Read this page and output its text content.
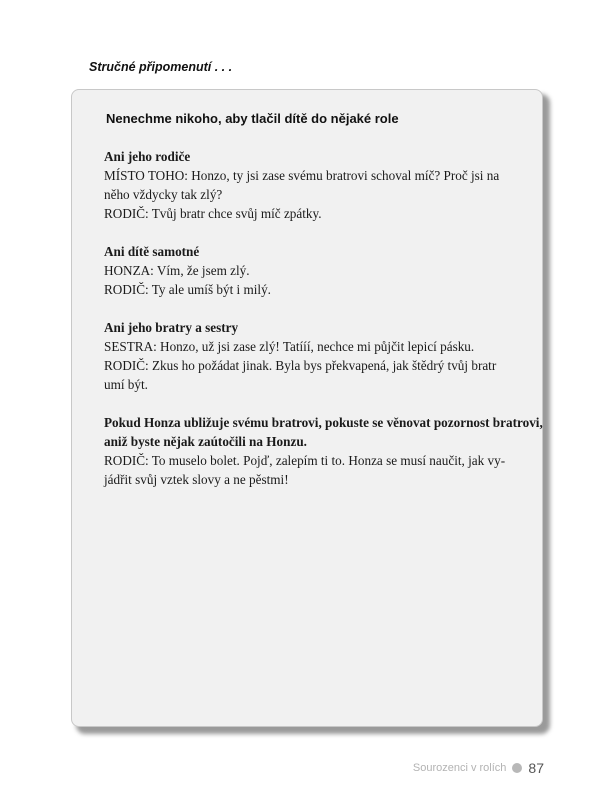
Stručné připomenutí . . .
Nenechme nikoho, aby tlačil dítě do nějaké role
Ani jeho rodiče
MÍSTO TOHO: Honzo, ty jsi zase svému bratrovi schoval míč? Proč jsi na
něho vždycky tak zlý?
RODIČ: Tvůj bratr chce svůj míč zpátky.
Ani dítě samotné
HONZA: Vím, že jsem zlý.
RODIČ: Ty ale umíš být i milý.
Ani jeho bratry a sestry
SESTRA: Honzo, už jsi zase zlý! Tatííí, nechce mi půjčit lepicí pásku.
RODIČ: Zkus ho požádat jinak. Byla bys překvapená, jak štědrý tvůj bratr
umí být.
Pokud Honza ubližuje svému bratrovi, pokuste se věnovat pozornost bratrovi,
aniž byste nějak zaútočili na Honzu.
RODIČ: To muselo bolet. Pojď, zalepím ti to. Honza se musí naučit, jak vy-
jádřit svůj vztek slovy a ne pěstmi!
Sourozenci v rolích 87
